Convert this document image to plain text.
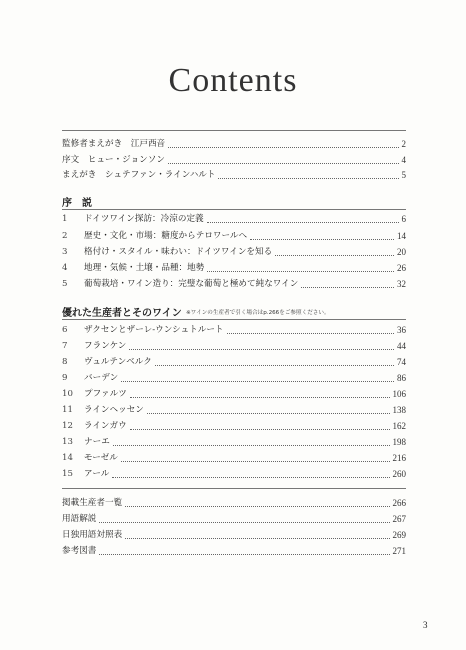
Contents
監修者まえがき　江戸西音	2
序文　ヒュー・ジョンソン	4
まえがき　シュテファン・ラインハルト	5
序　説
1	ドイツワイン探訪：冷涼の定義	6
2	歴史・文化・市場：糖度からテロワールへ	14
3	格付け・スタイル・味わい：ドイツワインを知る	20
4	地理・気候・土壌・品種：地勢	26
5	葡萄栽培・ワイン造り：完璧な葡萄と極めて純なワイン	32
優れた生産者とそのワイン ※ワインの生産者で引く場合はp.266をご参照ください。
6	ザクセンとザーレ-ウンシュトルート	36
7	フランケン	44
8	ヴュルテンベルク	74
9	バーデン	86
10	プファルツ	106
11	ラインヘッセン	138
12	ラインガウ	162
13	ナーエ	198
14	モーゼル	216
15	アール	260
掲載生産者一覧	266
用語解説	267
日独用語対照表	269
参考図書	271
3
